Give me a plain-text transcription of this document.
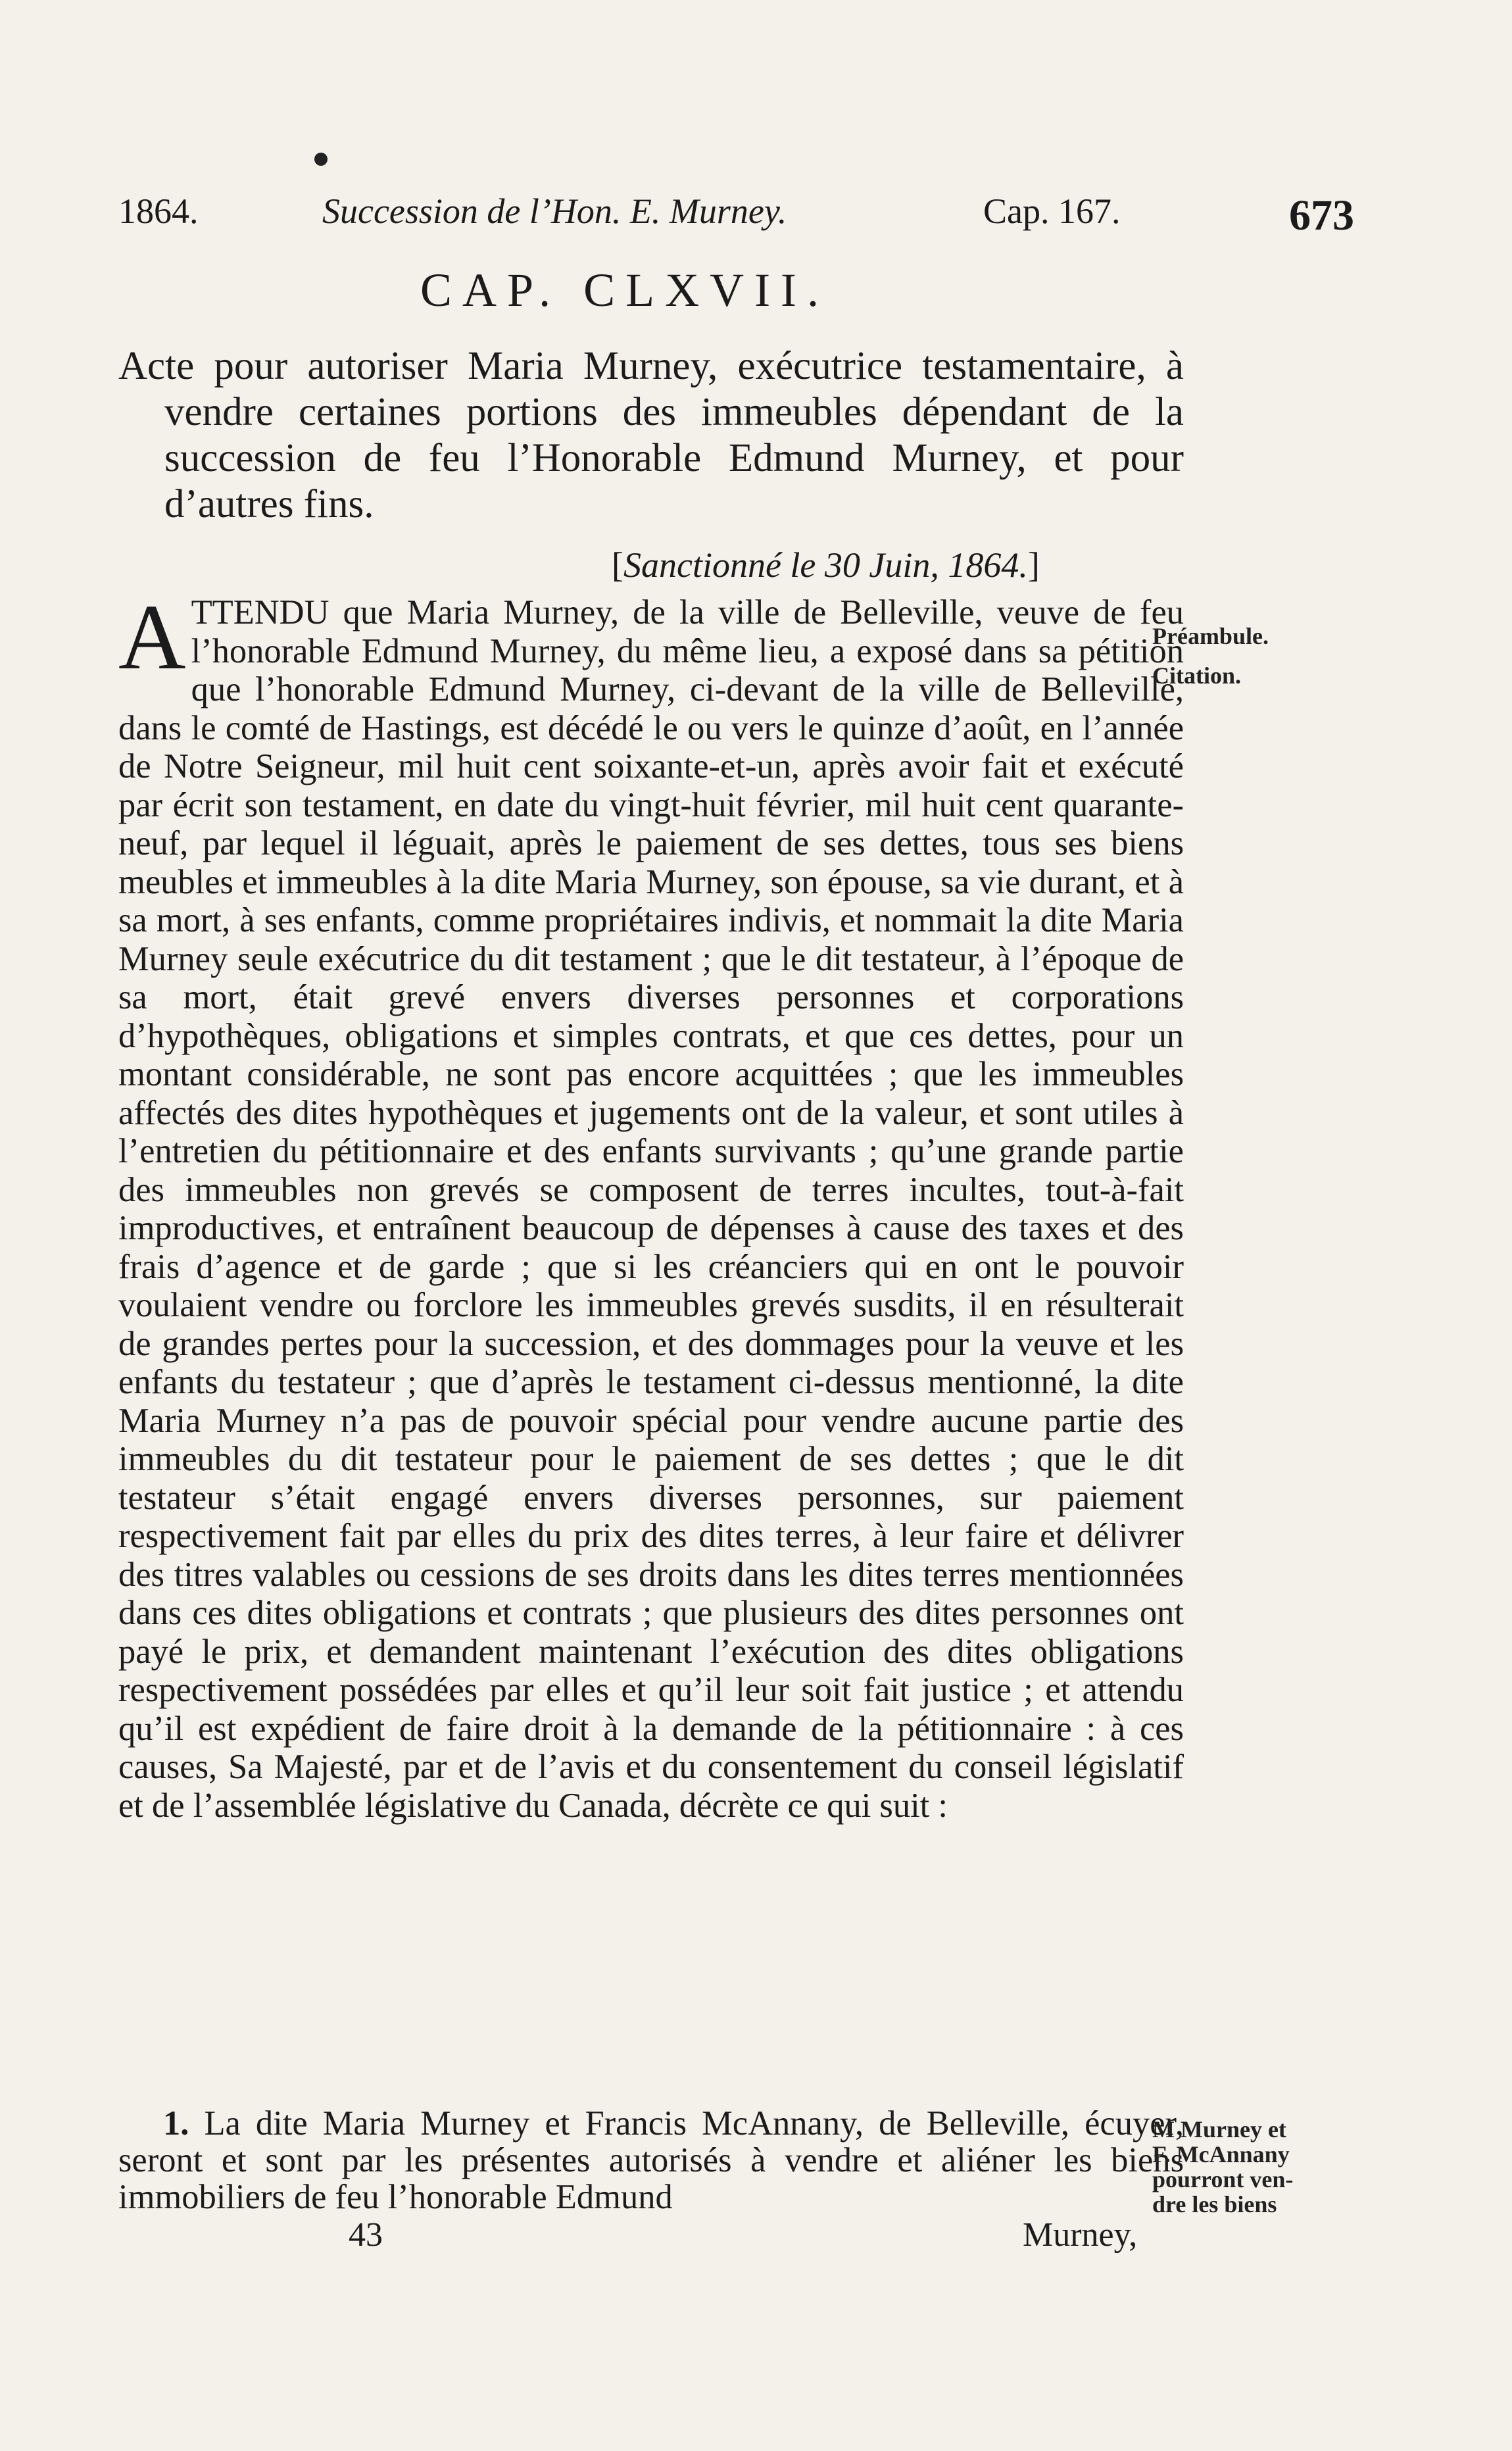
1864.	Succession de l’Hon. E. Murney.	Cap. 167.	673
CAP. CLXVII.
Acte pour autoriser Maria Murney, exécutrice testamentaire, à vendre certaines portions des immeubles dépendant de la succession de feu l’Honorable Edmund Murney, et pour d’autres fins.
[Sanctionné le 30 Juin, 1864.]

ATTENDU que Maria Murney, de la ville de Belleville, veuve de feu l’honorable Edmund Murney, du même lieu, a exposé dans sa pétition que l’honorable Edmund Murney, ci-devant de la ville de Belleville, dans le comté de Hastings, est décédé le ou vers le quinze d’août, en l’année de Notre Seigneur, mil huit cent soixante-et-un, après avoir fait et exécuté par écrit son testament, en date du vingt-huit février, mil huit cent quarante-neuf, par lequel il léguait, après le paiement de ses dettes, tous ses biens meubles et immeubles à la dite Maria Murney, son épouse, sa vie durant, et à sa mort, à ses enfants, comme propriétaires indivis, et nommait la dite Maria Murney seule exécutrice du dit testament ; que le dit testateur, à l’époque de sa mort, était grevé envers diverses personnes et corporations d’hypothèques, obligations et simples contrats, et que ces dettes, pour un montant considérable, ne sont pas encore acquittées ; que les immeubles affectés des dites hypothèques et jugements ont de la valeur, et sont utiles à l’entretien du pétitionnaire et des enfants survivants ; qu’une grande partie des immeubles non grevés se composent de terres incultes, tout-à-fait improductives, et entraînent beaucoup de dépenses à cause des taxes et des frais d’agence et de garde ; que si les créanciers qui en ont le pouvoir voulaient vendre ou forclore les immeubles grevés susdits, il en résulterait de grandes pertes pour la succession, et des dommages pour la veuve et les enfants du testateur ; que d’après le testament ci-dessus mentionné, la dite Maria Murney n’a pas de pouvoir spécial pour vendre aucune partie des immeubles du dit testateur pour le paiement de ses dettes ; que le dit testateur s’était engagé envers diverses personnes, sur paiement respectivement fait par elles du prix des dites terres, à leur faire et délivrer des titres valables ou cessions de ses droits dans les dites terres mentionnées dans ces dites obligations et contrats ; que plusieurs des dites personnes ont payé le prix, et demandent maintenant l’exécution des dites obligations respectivement possédées par elles et qu’il leur soit fait justice ; et attendu qu’il est expédient de faire droit à la demande de la pétitionnaire : à ces causes, Sa Majesté, par et de l’avis et du consentement du conseil législatif et de l’assemblée législative du Canada, décrète ce qui suit :

1. La dite Maria Murney et Francis McAnnany, de Belleville, écuyer, seront et sont par les présentes autorisés à vendre et aliéner les biens immobiliers de feu l’honorable Edmund

43	Murney,
Préambule.
Citation.
M Murney et
F. McAnnany
pourront ven-
dre les biens
